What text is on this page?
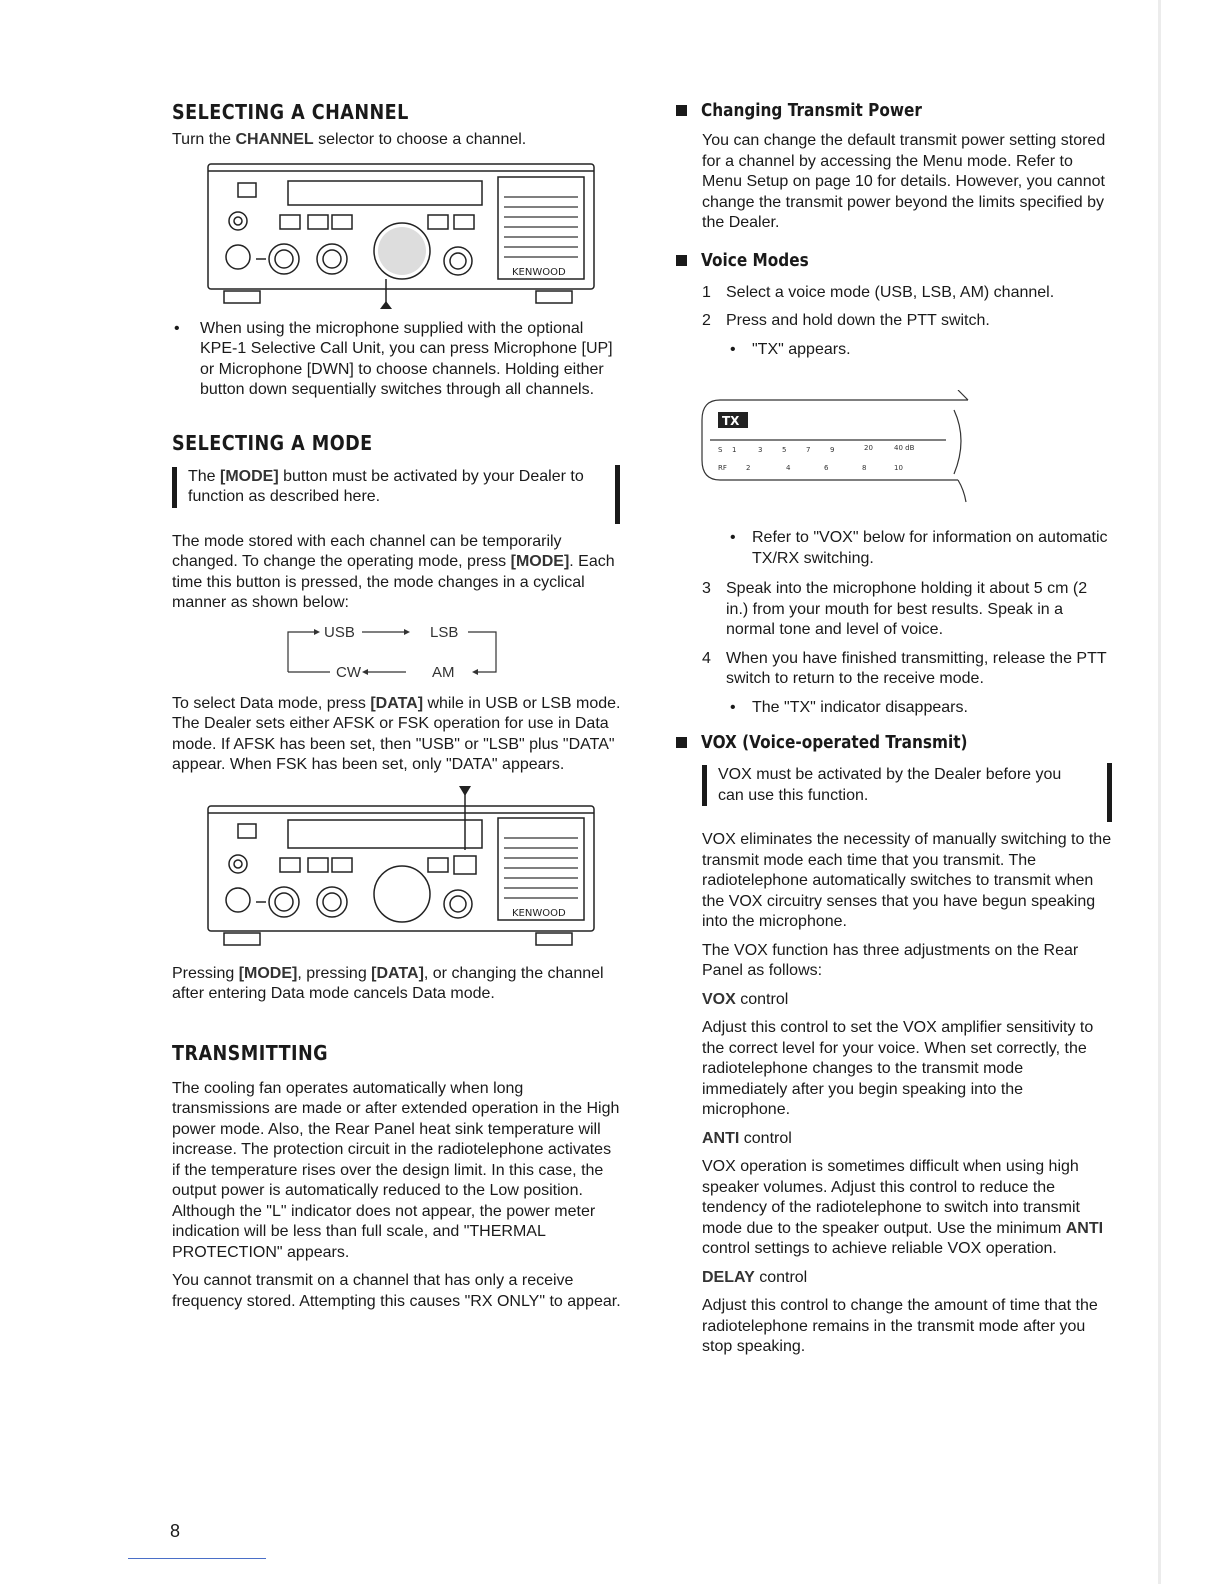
SELECTING A CHANNEL

Turn the CHANNEL selector to choose a channel.

KENWOOD
• When using the microphone supplied with the optional KPE-1 Selective Call Unit, you can press Microphone [UP] or Microphone [DWN] to choose channels. Holding either button down sequentially switches through all channels.
SELECTING A MODE

The [MODE] button must be activated by your Dealer to function as described here.

The mode stored with each channel can be temporarily changed. To change the operating mode, press [MODE]. Each time this button is pressed, the mode changes in a cyclical manner as shown below:

USB	LSB
CW	AM

To select Data mode, press [DATA] while in USB or LSB mode. The Dealer sets either AFSK or FSK operation for use in Data mode. If AFSK has been set, then "USB" or "LSB" plus "DATA" appear. When FSK has been set, only "DATA" appears.

KENWOOD

Pressing [MODE], pressing [DATA], or changing the channel after entering Data mode cancels Data mode.

TRANSMITTING

The cooling fan operates automatically when long transmissions are made or after extended operation in the High power mode. Also, the Rear Panel heat sink temperature will increase. The protection circuit in the radiotelephone activates if the temperature rises over the design limit. In this case, the output power is automatically reduced to the Low position. Although the "L" indicator does not appear, the power meter indication will be less than full scale, and "THERMAL PROTECTION" appears.

You cannot transmit on a channel that has only a receive frequency stored. Attempting this causes "RX ONLY" to appear.

Changing Transmit Power

You can change the default transmit power setting stored for a channel by accessing the Menu mode. Refer to Menu Setup on page 10 for details. However, you cannot change the transmit power beyond the limits specified by the Dealer.

Voice Modes
1 Select a voice mode (USB, LSB, AM) channel.
2 Press and hold down the PTT switch.
• "TX" appears.
TX
S 1	3	5	7	9	20	40 dB
RF	2	4	6	8	10
• Refer to "VOX" below for information on automatic TX/RX switching.
3 Speak into the microphone holding it about 5 cm (2 in.) from your mouth for best results. Speak in a normal tone and level of voice.
4 When you have finished transmitting, release the PTT switch to return to the receive mode.
• The "TX" indicator disappears.
VOX (Voice-operated Transmit)

VOX must be activated by the Dealer before you can use this function.

VOX eliminates the necessity of manually switching to the transmit mode each time that you transmit. The radiotelephone automatically switches to transmit when the VOX circuitry senses that you have begun speaking into the microphone.

The VOX function has three adjustments on the Rear Panel as follows:

VOX control

Adjust this control to set the VOX amplifier sensitivity to the correct level for your voice. When set correctly, the radiotelephone changes to the transmit mode immediately after you begin speaking into the microphone.

ANTI control

VOX operation is sometimes difficult when using high speaker volumes. Adjust this control to reduce the tendency of the radiotelephone to switch into transmit mode due to the speaker output. Use the minimum ANTI control settings to achieve reliable VOX operation.

DELAY control

Adjust this control to change the amount of time that the radiotelephone remains in the transmit mode after you stop speaking.

8
